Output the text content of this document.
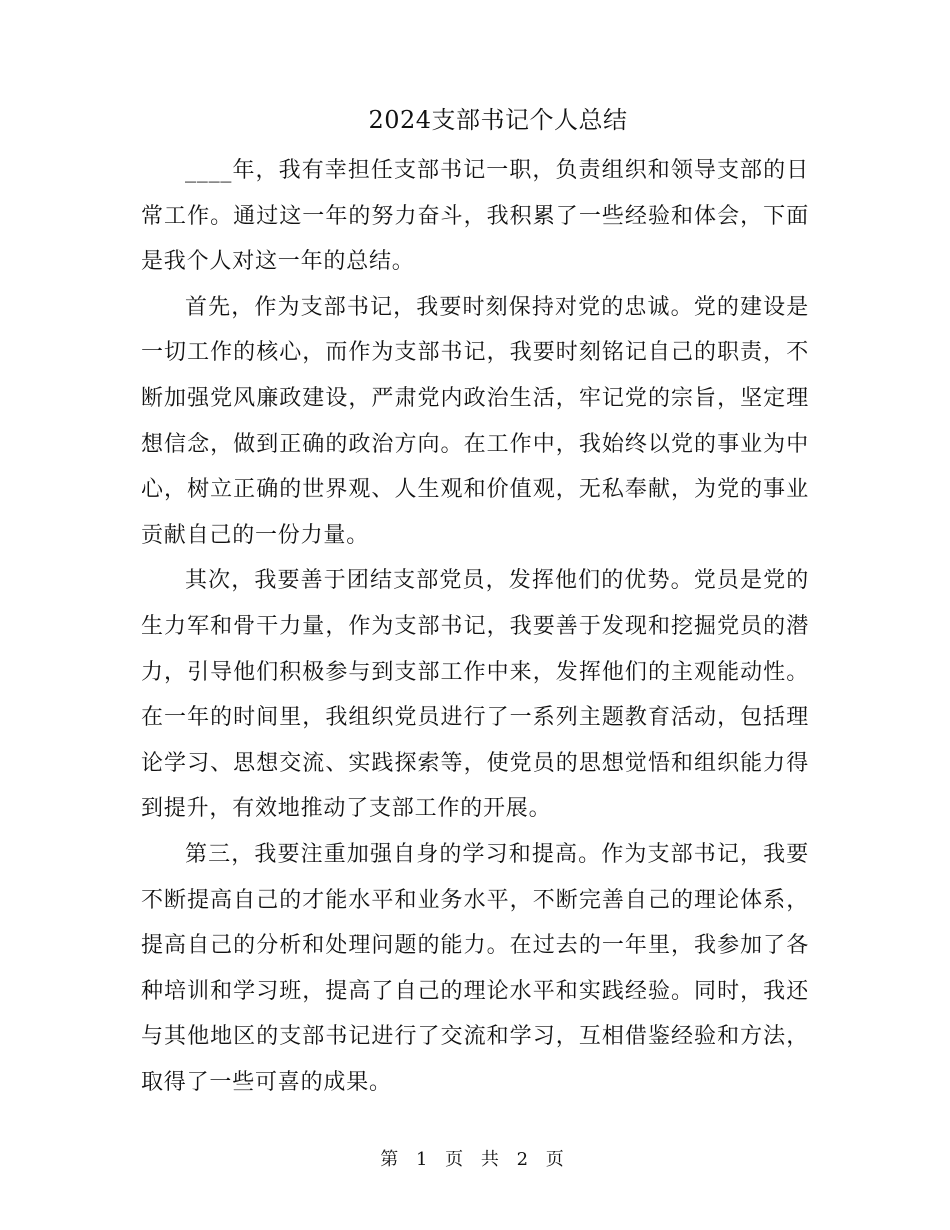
2024支部书记个人总结

____年，我有幸担任支部书记一职，负责组织和领导支部的日常工作。通过这一年的努力奋斗，我积累了一些经验和体会，下面是我个人对这一年的总结。

首先，作为支部书记，我要时刻保持对党的忠诚。党的建设是一切工作的核心，而作为支部书记，我要时刻铭记自己的职责，不断加强党风廉政建设，严肃党内政治生活，牢记党的宗旨，坚定理想信念，做到正确的政治方向。在工作中，我始终以党的事业为中心，树立正确的世界观、人生观和价值观，无私奉献，为党的事业贡献自己的一份力量。

其次，我要善于团结支部党员，发挥他们的优势。党员是党的生力军和骨干力量，作为支部书记，我要善于发现和挖掘党员的潜力，引导他们积极参与到支部工作中来，发挥他们的主观能动性。在一年的时间里，我组织党员进行了一系列主题教育活动，包括理论学习、思想交流、实践探索等，使党员的思想觉悟和组织能力得到提升，有效地推动了支部工作的开展。

第三，我要注重加强自身的学习和提高。作为支部书记，我要不断提高自己的才能水平和业务水平，不断完善自己的理论体系，提高自己的分析和处理问题的能力。在过去的一年里，我参加了各种培训和学习班，提高了自己的理论水平和实践经验。同时，我还与其他地区的支部书记进行了交流和学习，互相借鉴经验和方法，取得了一些可喜的成果。

第 1 页 共 2 页
